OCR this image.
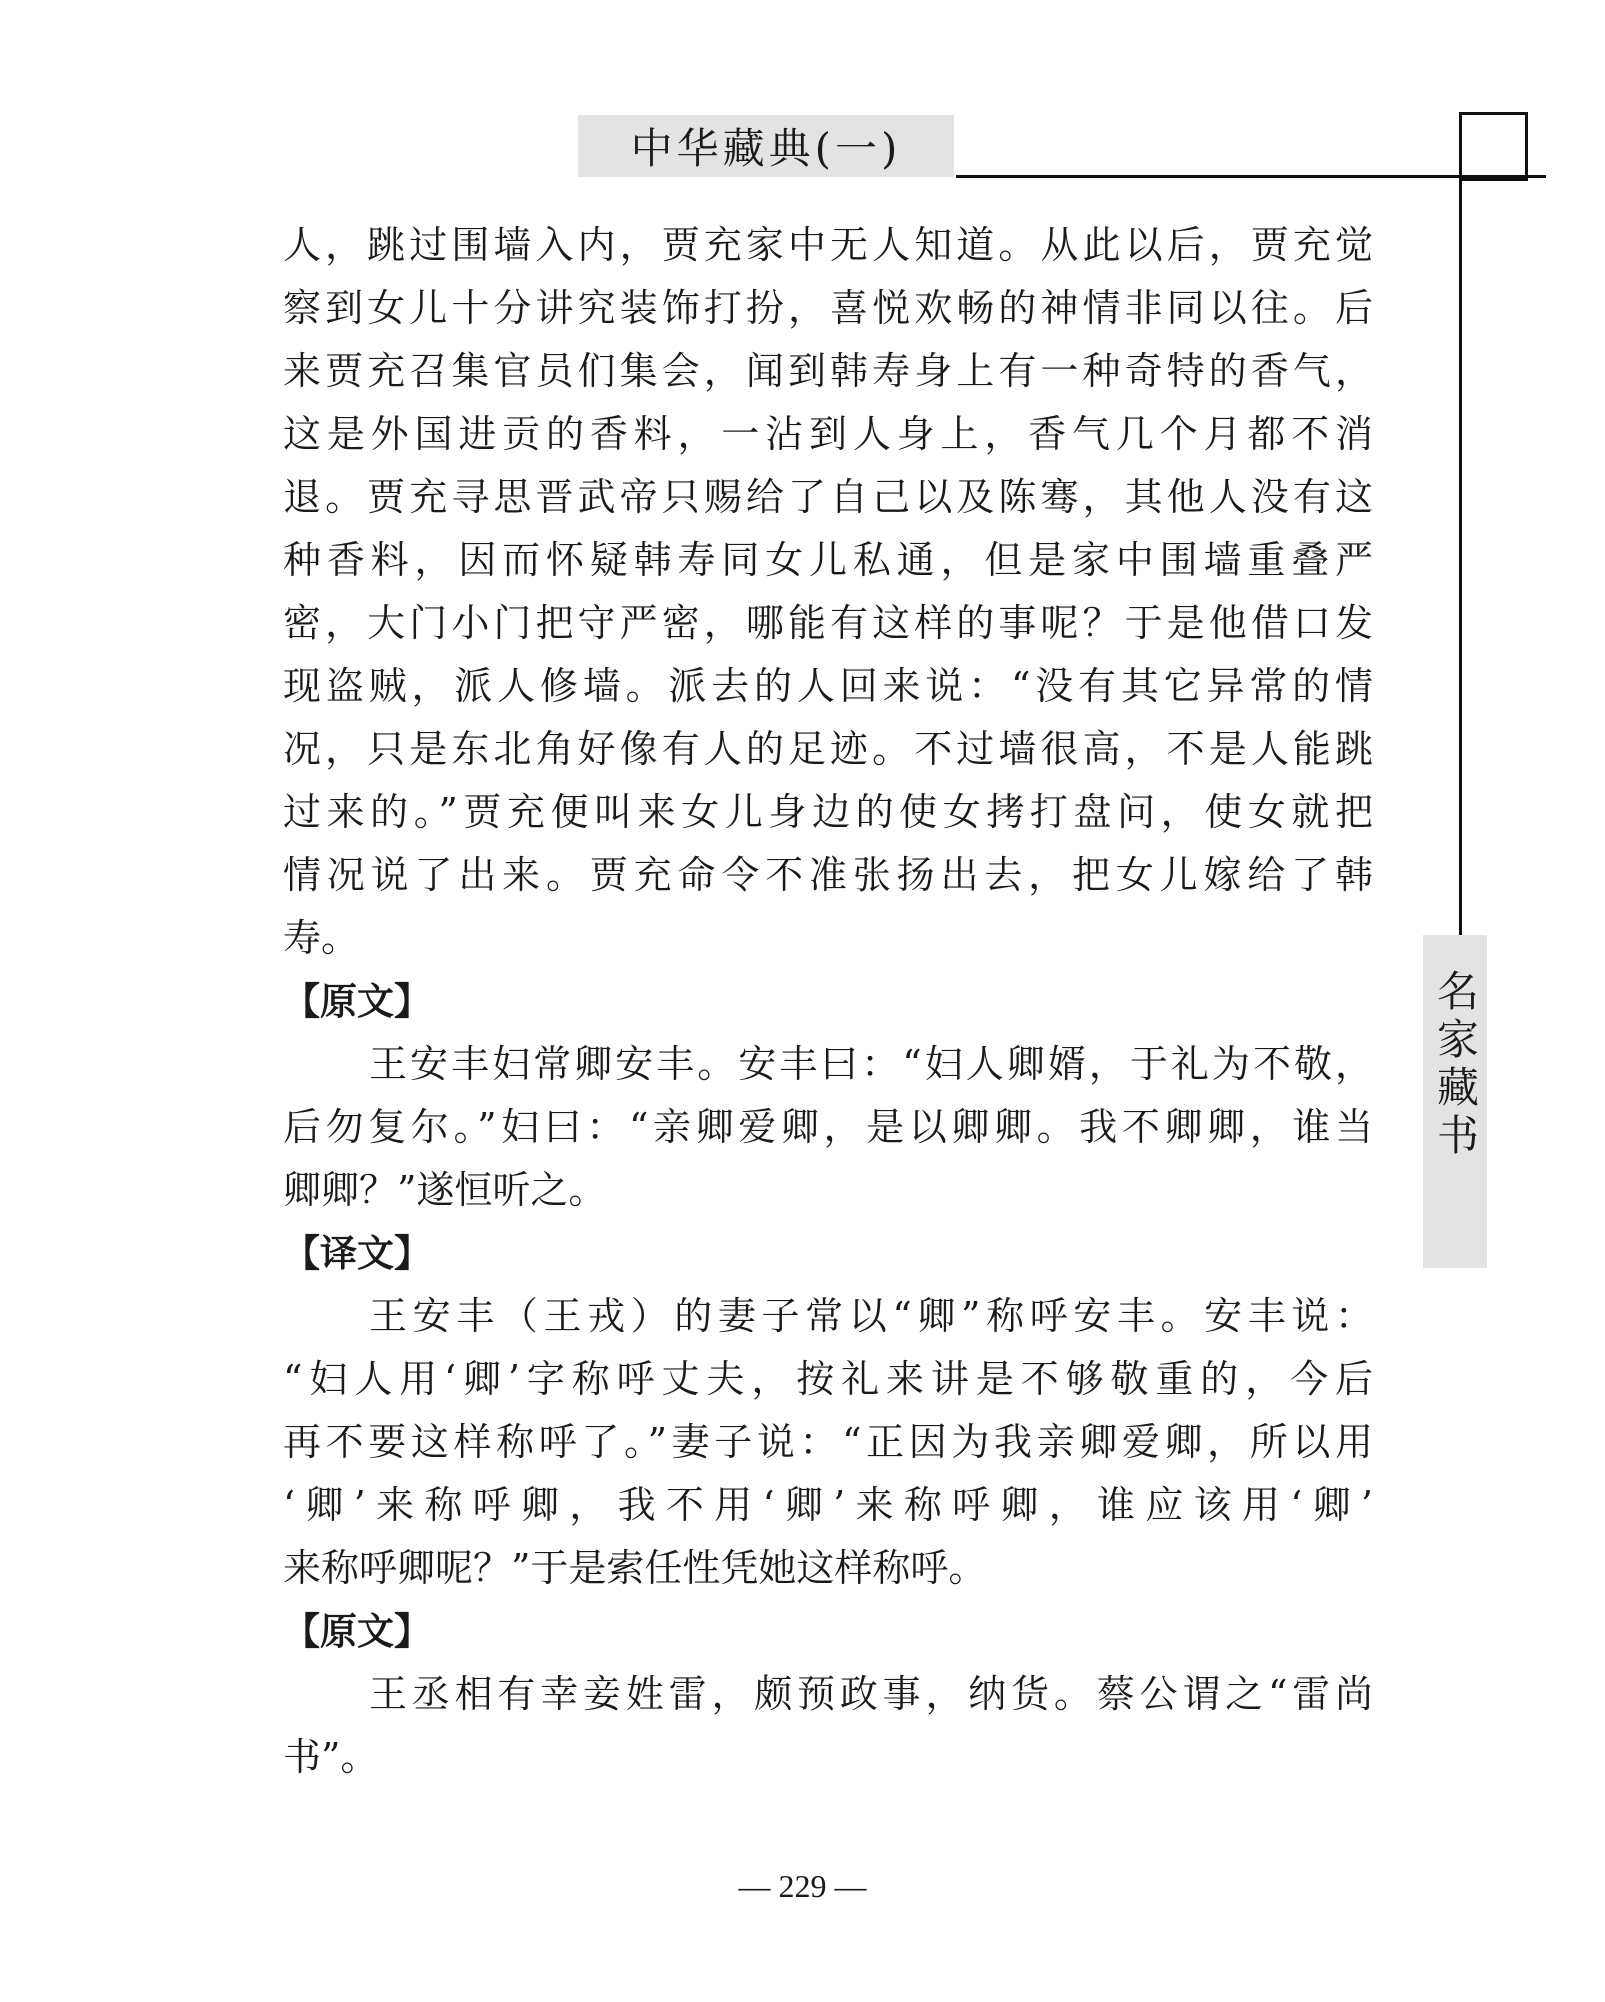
中华藏典(一)
名家藏书
人，跳过围墙入内，贾充家中无人知道。从此以后，贾充觉
察到女儿十分讲究装饰打扮，喜悦欢畅的神情非同以往。后
来贾充召集官员们集会，闻到韩寿身上有一种奇特的香气，
这是外国进贡的香料，一沾到人身上，香气几个月都不消
退。贾充寻思晋武帝只赐给了自己以及陈骞，其他人没有这
种香料，因而怀疑韩寿同女儿私通，但是家中围墙重叠严
密，大门小门把守严密，哪能有这样的事呢？于是他借口发
现盗贼，派人修墙。派去的人回来说：“没有其它异常的情
况，只是东北角好像有人的足迹。不过墙很高，不是人能跳
过来的。”贾充便叫来女儿身边的使女拷打盘问，使女就把
情况说了出来。贾充命令不准张扬出去，把女儿嫁给了韩
寿。
【原文】
王安丰妇常卿安丰。安丰曰：“妇人卿婿，于礼为不敬，
后勿复尔。”妇曰：“亲卿爱卿，是以卿卿。我不卿卿，谁当
卿卿？”遂恒听之。
【译文】
王安丰（王戎）的妻子常以“卿”称呼安丰。安丰说：
“妇人用‘卿’字称呼丈夫，按礼来讲是不够敬重的，今后
再不要这样称呼了。”妻子说：“正因为我亲卿爱卿，所以用
‘卿’来称呼卿，我不用‘卿’来称呼卿，谁应该用‘卿’
来称呼卿呢？”于是索任性凭她这样称呼。
【原文】
王丞相有幸妾姓雷，颇预政事，纳货。蔡公谓之“雷尚
书”。
— 229 —
